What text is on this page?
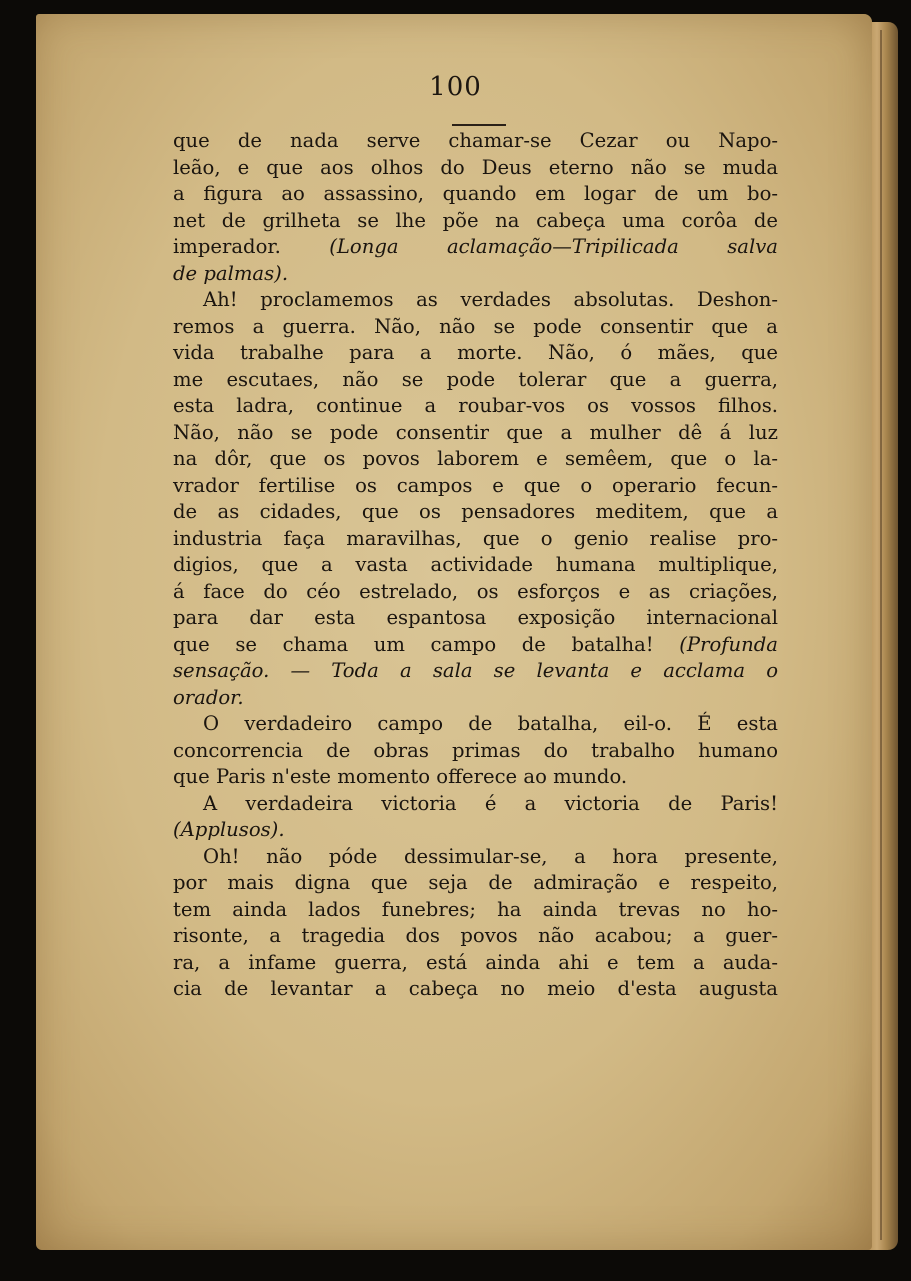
100
que de nada serve chamar-se Cezar ou Napo-
leão, e que aos olhos do Deus eterno não se muda
a figura ao assassino, quando em logar de um bo-
net de grilheta se lhe põe na cabeça uma corôa de
imperador. (Longa aclamação—Tripilicada salva
de palmas).
Ah! proclamemos as verdades absolutas. Deshon-
remos a guerra. Não, não se pode consentir que a
vida trabalhe para a morte. Não, ó mães, que
me escutaes, não se pode tolerar que a guerra,
esta ladra, continue a roubar-vos os vossos filhos.
Não, não se pode consentir que a mulher dê á luz
na dôr, que os povos laborem e semêem, que o la-
vrador fertilise os campos e que o operario fecun-
de as cidades, que os pensadores meditem, que a
industria faça maravilhas, que o genio realise pro-
digios, que a vasta actividade humana multiplique,
á face do céo estrelado, os esforços e as criações,
para dar esta espantosa exposição internacional
que se chama um campo de batalha! (Profunda
sensação. — Toda a sala se levanta e acclama o
orador.
O verdadeiro campo de batalha, eil-o. É esta
concorrencia de obras primas do trabalho humano
que Paris n'este momento offerece ao mundo.
A verdadeira victoria é a victoria de Paris!
(Applusos).
Oh! não póde dessimular-se, a hora presente,
por mais digna que seja de admiração e respeito,
tem ainda lados funebres; ha ainda trevas no ho-
risonte, a tragedia dos povos não acabou; a guer-
ra, a infame guerra, está ainda ahi e tem a auda-
cia de levantar a cabeça no meio d'esta augusta
